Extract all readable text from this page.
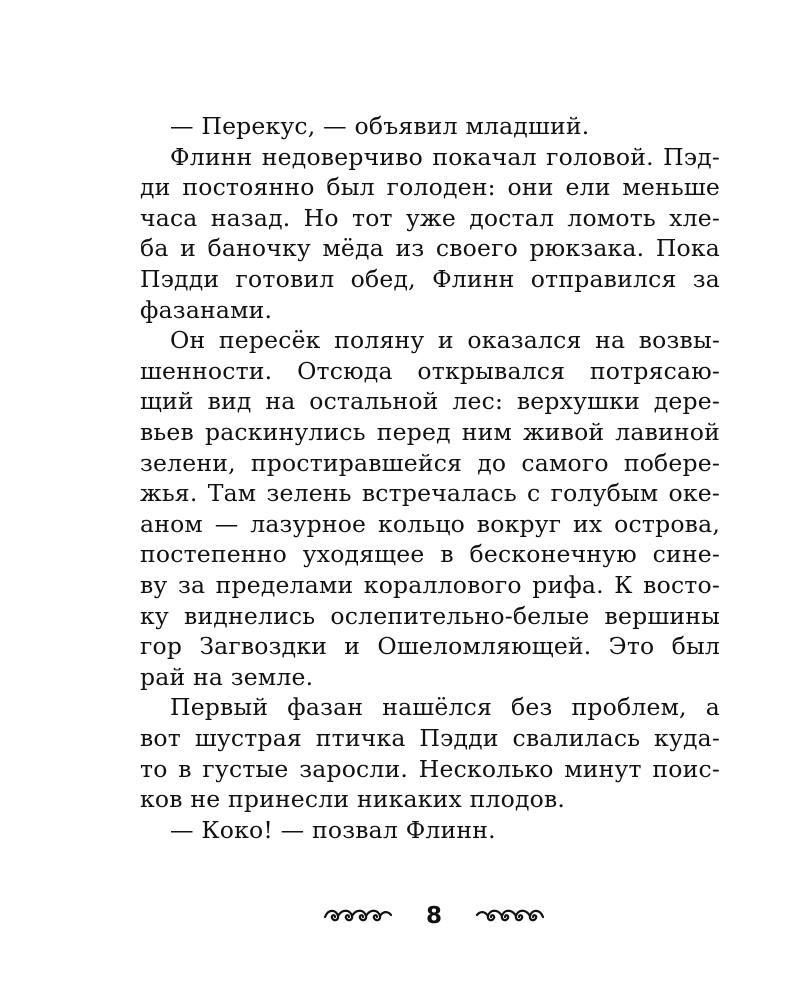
— Перекус, — объявил младший.
Флинн недоверчиво покачал головой. Пэд-
ди постоянно был голоден: они ели меньше
часа назад. Но тот уже достал ломоть хле-
ба и баночку мёда из своего рюкзака. Пока
Пэдди готовил обед, Флинн отправился за
фазанами.
Он пересёк поляну и оказался на возвы-
шенности. Отсюда открывался потрясаю-
щий вид на остальной лес: верхушки дере-
вьев раскинулись перед ним живой лавиной
зелени, простиравшейся до самого побере-
жья. Там зелень встречалась с голубым оке-
аном — лазурное кольцо вокруг их острова,
постепенно уходящее в бесконечную сине-
ву за пределами кораллового рифа. К восто-
ку виднелись ослепительно-белые вершины
гор Загвоздки и Ошеломляющей. Это был
рай на земле.
Первый фазан нашёлся без проблем, а
вот шустрая птичка Пэдди свалилась куда-
то в густые заросли. Несколько минут поис-
ков не принесли никаких плодов.
— Коко! — позвал Флинн.
8
